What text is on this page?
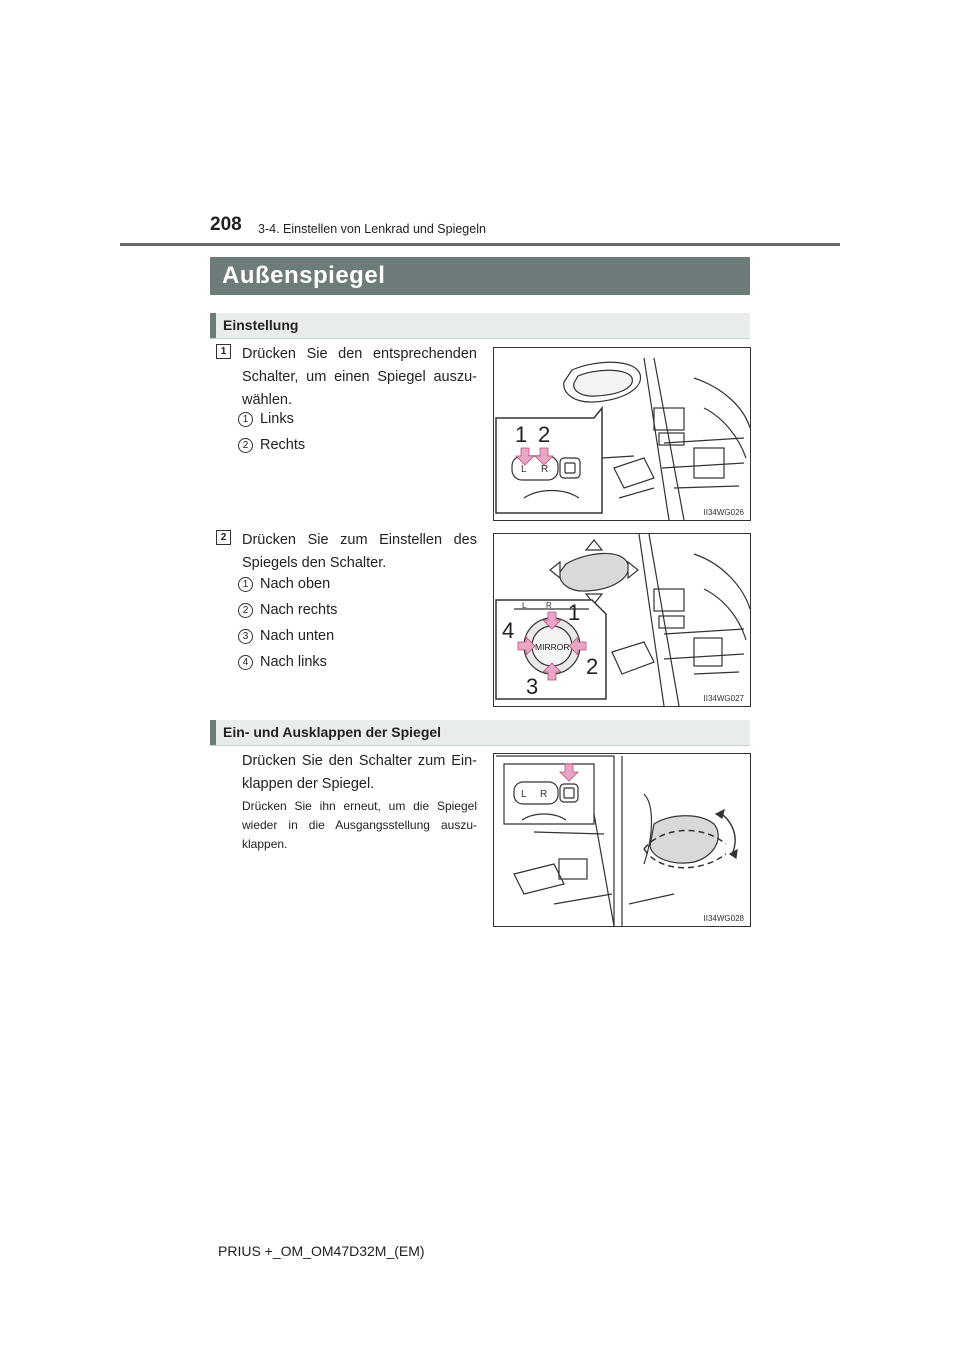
208 3-4. Einstellen von Lenkrad und Spiegeln
Außenspiegel
Einstellung
1	Drücken Sie den entsprechenden Schalter, um einen Spiegel auszu-wählen.
1 Links
2 Rechts
L R
1 2
II34WG026
2	Drücken Sie zum Einstellen des Spiegels den Schalter.
1 Nach oben
2 Nach rechts
3 Nach unten
4 Nach links
MIRROR
L R 1
2
3
4
II34WG027
Ein- und Ausklappen der Spiegel
Drücken Sie den Schalter zum Ein-klappen der Spiegel.
Drücken Sie ihn erneut, um die Spiegel wieder in die Ausgangsstellung auszu-klappen.
L R
II34WG028
PRIUS +_OM_OM47D32M_(EM)
